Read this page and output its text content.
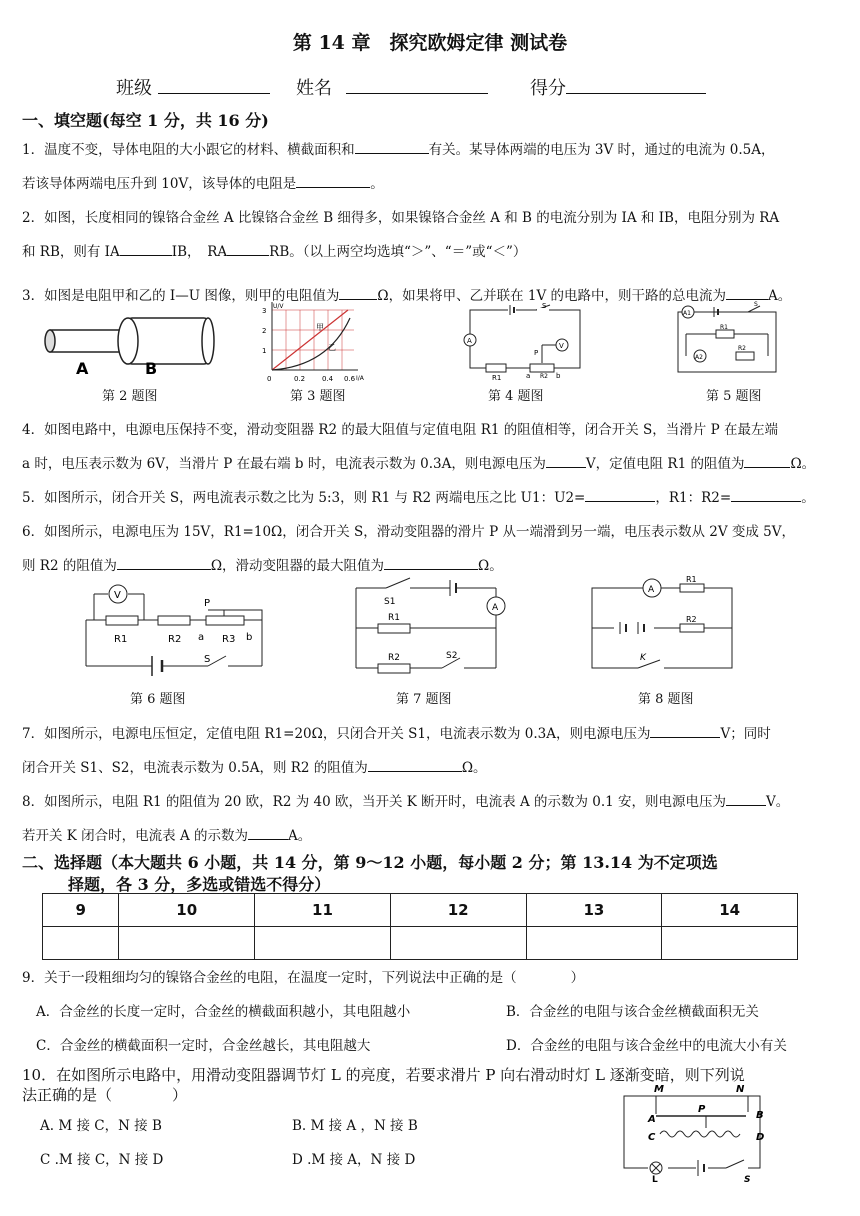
第 14 章　探究欧姆定律 测试卷
班级	姓名	得分
一、填空题(每空 1 分，共 16 分)
1．温度不变，导体电阻的大小跟它的材料、横截面积和	有关。某导体两端的电压为 3V 时，通过的电流为 0.5A，
若该导体两端电压升到 10V，该导体的电阻是	。
2．如图，长度相同的镍铬合金丝 A 比镍铬合金丝 B 细得多，如果镍铬合金丝 A 和 B 的电流分别为 IA 和 IB，电阻分别为 RA
和 RB，则有 IA	IB，　RA	RB。（以上两空均选填“＞”、“＝”或“＜”）
3．如图是电阻甲和乙的 I—U 图像，则甲的电阻值为	Ω，如果将甲、乙并联在 1V 的电路中，则干路的总电流为	A。
A	B
第 2 题图
甲
乙
U/V
3
2
1
0	0.2 0.4 0.6 I/A
第 3 题图
S
A
R1	a	b
R2
P
V
第 4 题图
A1
S
R1
R2
A2
第 5 题图
4．如图电路中，电源电压保持不变，滑动变阻器 R2 的最大阻值与定值电阻 R1 的阻值相等，闭合开关 S，当滑片 P 在最左端
a 时，电压表示数为 6V，当滑片 P 在最右端 b 时，电流表示数为 0.3A，则电源电压为	V，定值电阻 R1 的阻值为	Ω。
5．如图所示，闭合开关 S，两电流表示数之比为 5:3，则 R1 与 R2 两端电压之比 U1：U2=	，R1：R2=	。
6．如图所示，电源电压为 15V，R1=10Ω，闭合开关 S，滑动变阻器的滑片 P 从一端滑到另一端，电压表示数从 2V 变成 5V，
则 R2 的阻值为	Ω，滑动变阻器的最大阻值为	Ω。
S
R1	R2	R3
a	b
P
V
第 6 题图
S1
A
R1
R2	S2
第 7 题图
A
R1
R2
K
第 8 题图
7．如图所示，电源电压恒定，定值电阻 R1=20Ω，只闭合开关 S1，电流表示数为 0.3A，则电源电压为	V；同时
闭合开关 S1、S2，电流表示数为 0.5A，则 R2 的阻值为	Ω。
8．如图所示，电阻 R1 的阻值为 20 欧，R2 为 40 欧，当开关 K 断开时，电流表 A 的示数为 0.1 安，则电源电压为	V。
若开关 K 闭合时，电流表 A 的示数为	A。
二、选择题（本大题共 6 小题，共 14 分，第 9～12 小题，每小题 2 分；第 13.14 为不定项选
择题，各 3 分，多选或错选不得分）
9	10	11	12	13	14

9．关于一段粗细均匀的镍铬合金丝的电阻，在温度一定时，下列说法中正确的是（　　　　）
A．合金丝的长度一定时，合金丝的横截面积越小，其电阻越小	B．合金丝的电阻与该合金丝横截面积无关
C．合金丝的横截面积一定时，合金丝越长，其电阻越大	D．合金丝的电阻与该合金丝中的电流大小有关
10．在如图所示电路中，用滑动变阻器调节灯 L 的亮度，若要求滑片 P 向右滑动时灯 L 逐渐变暗，则下列说
法正确的是（　　　　）
A. M 接 C，N 接 B	B. M 接 A ，N 接 B
C .M 接 C，N 接 D	D .M 接 A，N 接 D
M	N
A	B
P
C	D
L	S
